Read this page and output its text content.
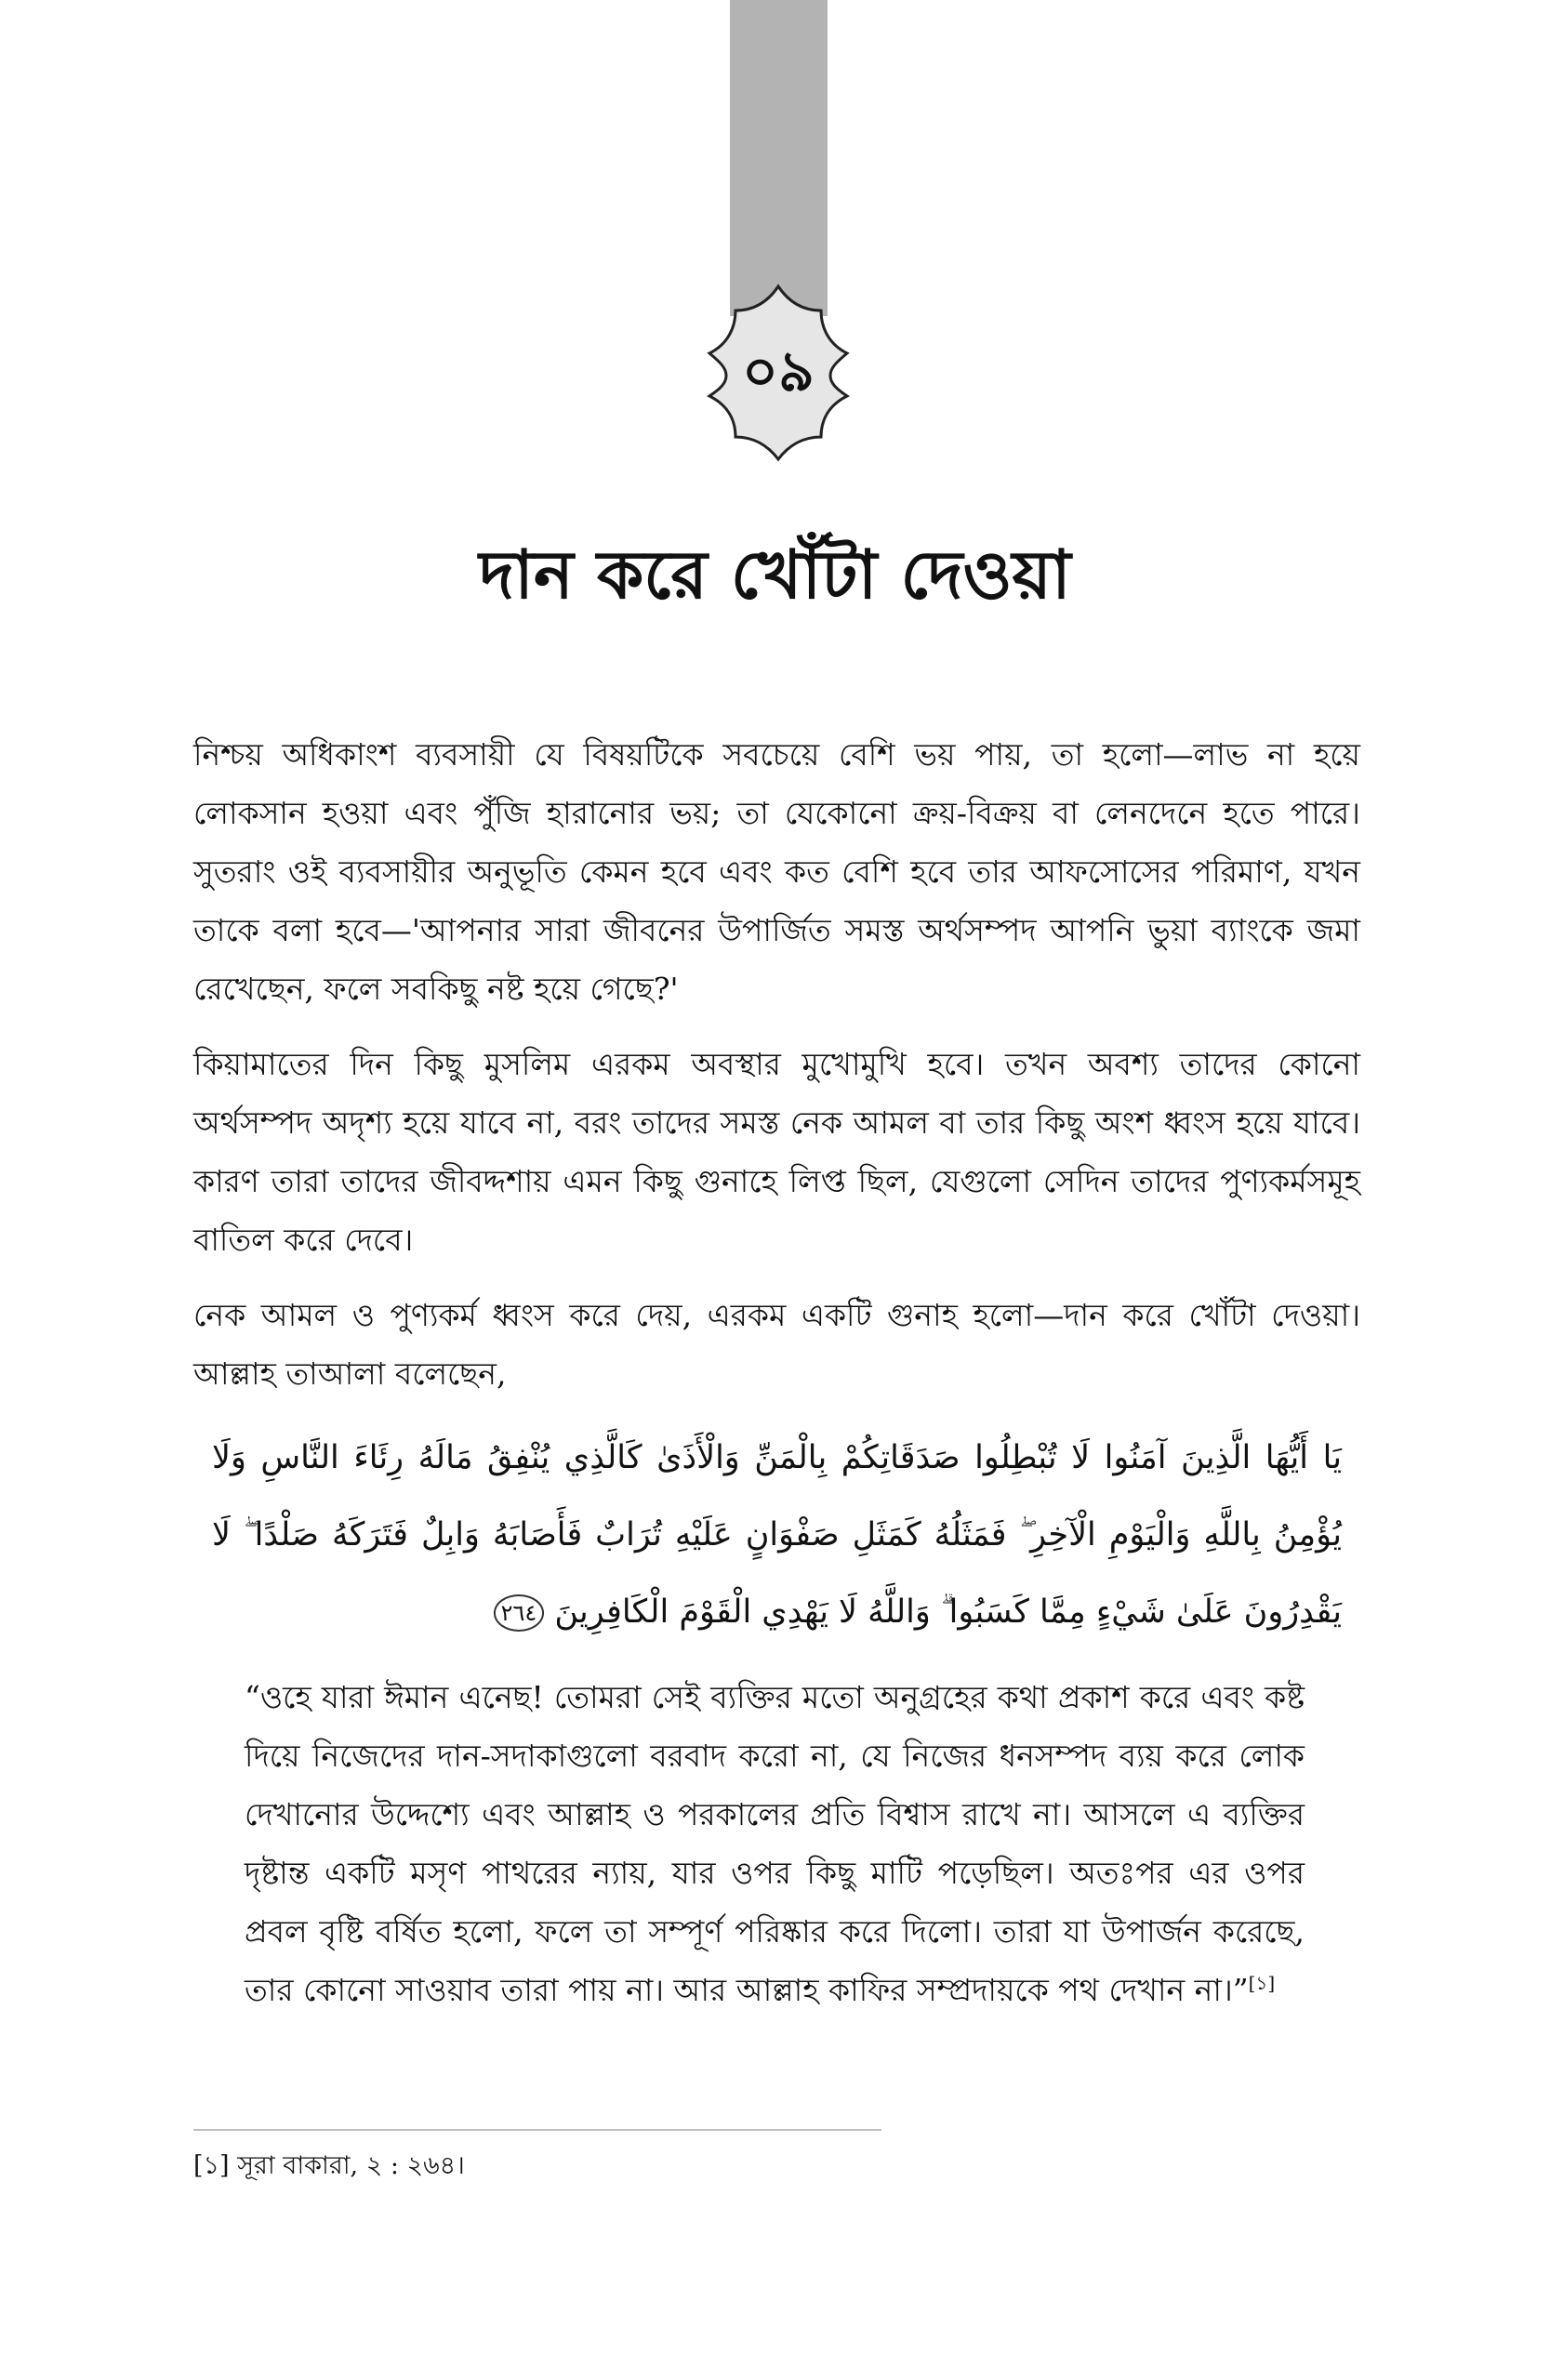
০৯
দান করে খোঁটা দেওয়া

নিশ্চয় অধিকাংশ ব্যবসায়ী যে বিষয়টিকে সবচেয়ে বেশি ভয় পায়, তা হলো—লাভ না হয়ে লোকসান হওয়া এবং পুঁজি হারানোর ভয়; তা যেকোনো ক্রয়-বিক্রয় বা লেনদেনে হতে পারে। সুতরাং ওই ব্যবসায়ীর অনুভূতি কেমন হবে এবং কত বেশি হবে তার আফসোসের পরিমাণ, যখন তাকে বলা হবে—'আপনার সারা জীবনের উপার্জিত সমস্ত অর্থসম্পদ আপনি ভুয়া ব্যাংকে জমা রেখেছেন, ফলে সবকিছু নষ্ট হয়ে গেছে?'

কিয়ামাতের দিন কিছু মুসলিম এরকম অবস্থার মুখোমুখি হবে। তখন অবশ্য তাদের কোনো অর্থসম্পদ অদৃশ্য হয়ে যাবে না, বরং তাদের সমস্ত নেক আমল বা তার কিছু অংশ ধ্বংস হয়ে যাবে। কারণ তারা তাদের জীবদ্দশায় এমন কিছু গুনাহে লিপ্ত ছিল, যেগুলো সেদিন তাদের পুণ্যকর্মসমূহ বাতিল করে দেবে।

নেক আমল ও পুণ্যকর্ম ধ্বংস করে দেয়, এরকম একটি গুনাহ হলো—দান করে খোঁটা দেওয়া। আল্লাহ তাআলা বলেছেন,

يَا أَيُّهَا الَّذِينَ آمَنُوا لَا تُبْطِلُوا صَدَقَاتِكُمْ بِالْمَنِّ وَالْأَذَىٰ كَالَّذِي يُنْفِقُ مَالَهُ رِئَاءَ النَّاسِ وَلَا يُؤْمِنُ بِاللَّهِ وَالْيَوْمِ الْآخِرِ ۖ فَمَثَلُهُ كَمَثَلِ صَفْوَانٍ عَلَيْهِ تُرَابٌ فَأَصَابَهُ وَابِلٌ فَتَرَكَهُ صَلْدًا ۖ لَا يَقْدِرُونَ عَلَىٰ شَيْءٍ مِمَّا كَسَبُوا ۗ وَاللَّهُ لَا يَهْدِي الْقَوْمَ الْكَافِرِينَ ٢٦٤

“ওহে যারা ঈমান এনেছ! তোমরা সেই ব্যক্তির মতো অনুগ্রহের কথা প্রকাশ করে এবং কষ্ট দিয়ে নিজেদের দান-সদাকাগুলো বরবাদ করো না, যে নিজের ধনসম্পদ ব্যয় করে লোক দেখানোর উদ্দেশ্যে এবং আল্লাহ ও পরকালের প্রতি বিশ্বাস রাখে না। আসলে এ ব্যক্তির দৃষ্টান্ত একটি মসৃণ পাথরের ন্যায়, যার ওপর কিছু মাটি পড়েছিল। অতঃপর এর ওপর প্রবল বৃষ্টি বর্ষিত হলো, ফলে তা সম্পূর্ণ পরিষ্কার করে দিলো। তারা যা উপার্জন করেছে, তার কোনো সাওয়াব তারা পায় না। আর আল্লাহ কাফির সম্প্রদায়কে পথ দেখান না।”[১]

[১] সূরা বাকারা, ২ : ২৬৪।
